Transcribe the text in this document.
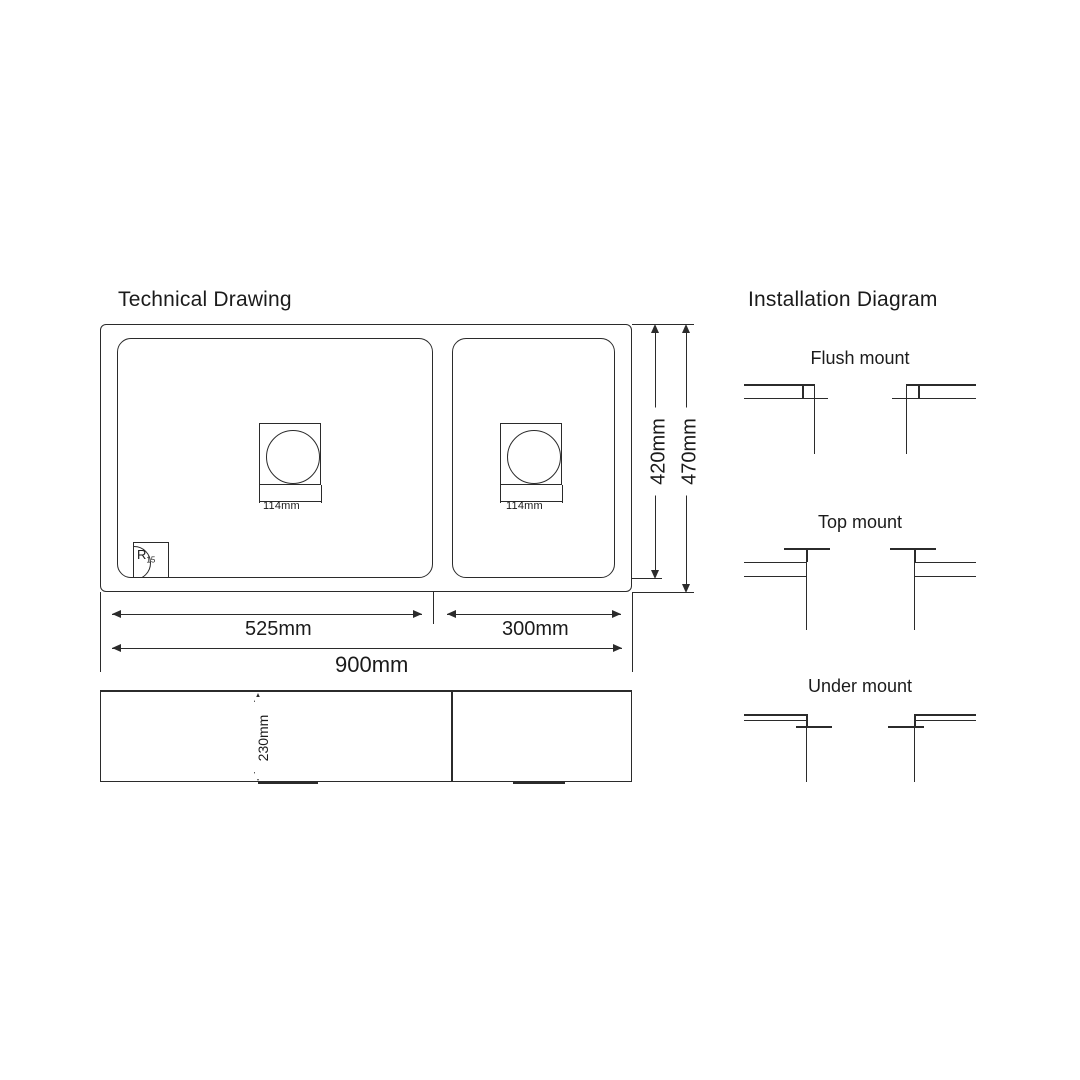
Technical Drawing
114mm	114mm
$R_{15}$
525mm	300mm
900mm
420mm 470mm
230mm
Installation Diagram
Flush mount
Top mount
Under mount
